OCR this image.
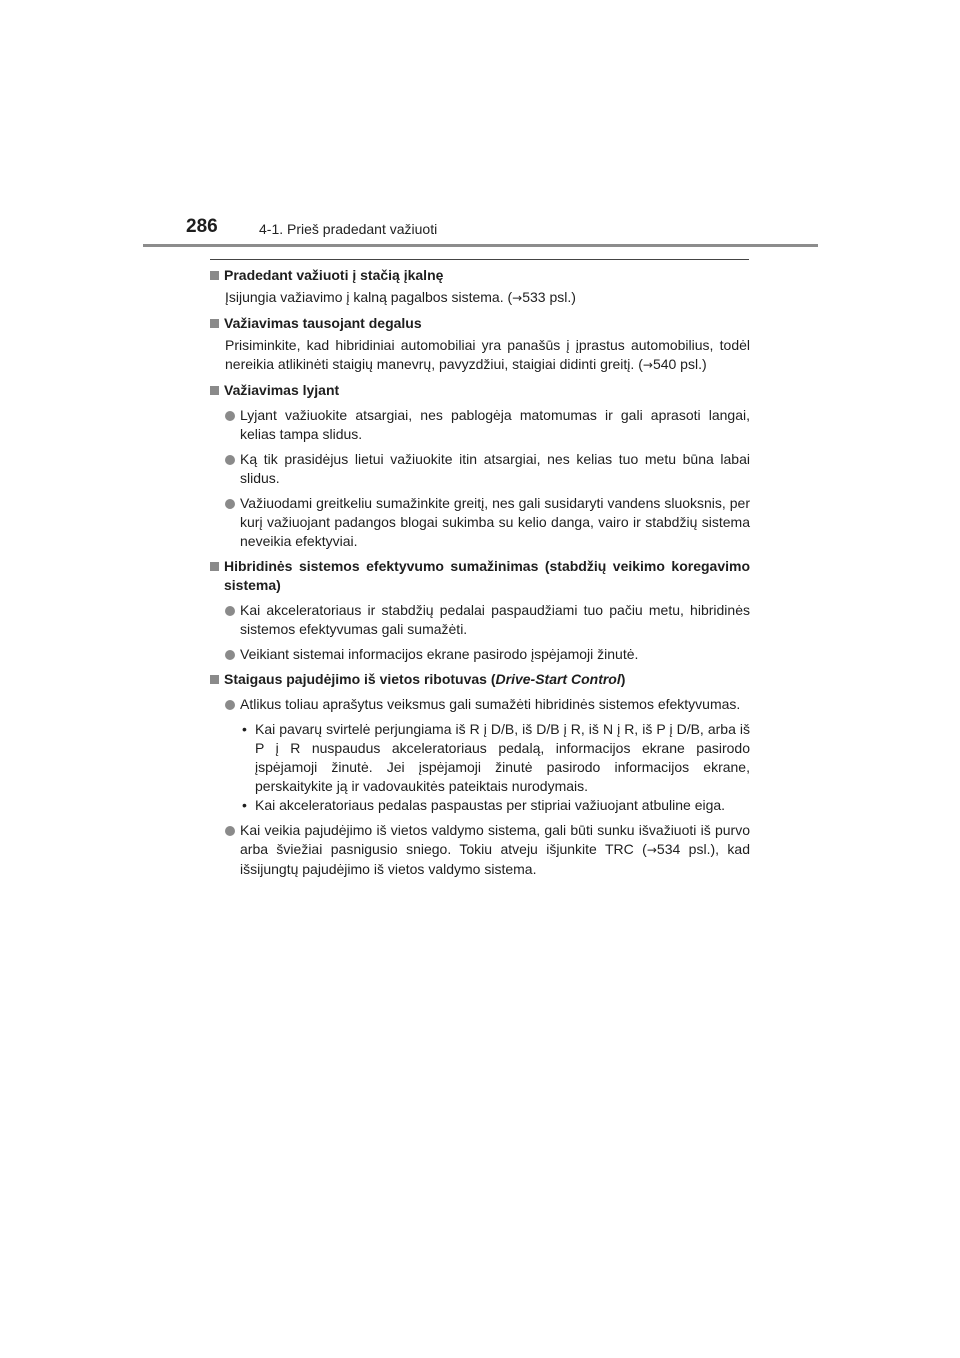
286	4-1. Prieš pradedant važiuoti
Pradedant važiuoti į stačią įkalnę
Įsijungia važiavimo į kalną pagalbos sistema. (→533 psl.)
Važiavimas tausojant degalus
Prisiminkite, kad hibridiniai automobiliai yra panašūs į įprastus automobilius, todėl nereikia atlikinėti staigių manevrų, pavyzdžiui, staigiai didinti greitį. (→540 psl.)
Važiavimas lyjant
Lyjant važiuokite atsargiai, nes pablogėja matomumas ir gali aprasoti langai, kelias tampa slidus.
Ką tik prasidėjus lietui važiuokite itin atsargiai, nes kelias tuo metu būna labai slidus.
Važiuodami greitkeliu sumažinkite greitį, nes gali susidaryti vandens sluoksnis, per kurį važiuojant padangos blogai sukimba su kelio danga, vairo ir stabdžių sistema neveikia efektyviai.
Hibridinės sistemos efektyvumo sumažinimas (stabdžių veikimo koregavimo sistema)
Kai akceleratoriaus ir stabdžių pedalai paspaudžiami tuo pačiu metu, hibridinės sistemos efektyvumas gali sumažėti.
Veikiant sistemai informacijos ekrane pasirodo įspėjamoji žinutė.
Staigaus pajudėjimo iš vietos ribotuvas (Drive-Start Control)
Atlikus toliau aprašytus veiksmus gali sumažėti hibridinės sistemos efektyvumas.
• Kai pavarų svirtelė perjungiama iš R į D/B, iš D/B į R, iš N į R, iš P į D/B, arba iš P į R nuspaudus akceleratoriaus pedalą, informacijos ekrane pasirodo įspėjamoji žinutė. Jei įspėjamoji žinutė pasirodo informacijos ekrane, perskaitykite ją ir vadovaukitės pateiktais nurodymais.
• Kai akceleratoriaus pedalas paspaustas per stipriai važiuojant atbuline eiga.
Kai veikia pajudėjimo iš vietos valdymo sistema, gali būti sunku išvažiuoti iš purvo arba šviežiai pasnigusio sniego. Tokiu atveju išjunkite TRC (→534 psl.), kad išsijungtų pajudėjimo iš vietos valdymo sistema.
